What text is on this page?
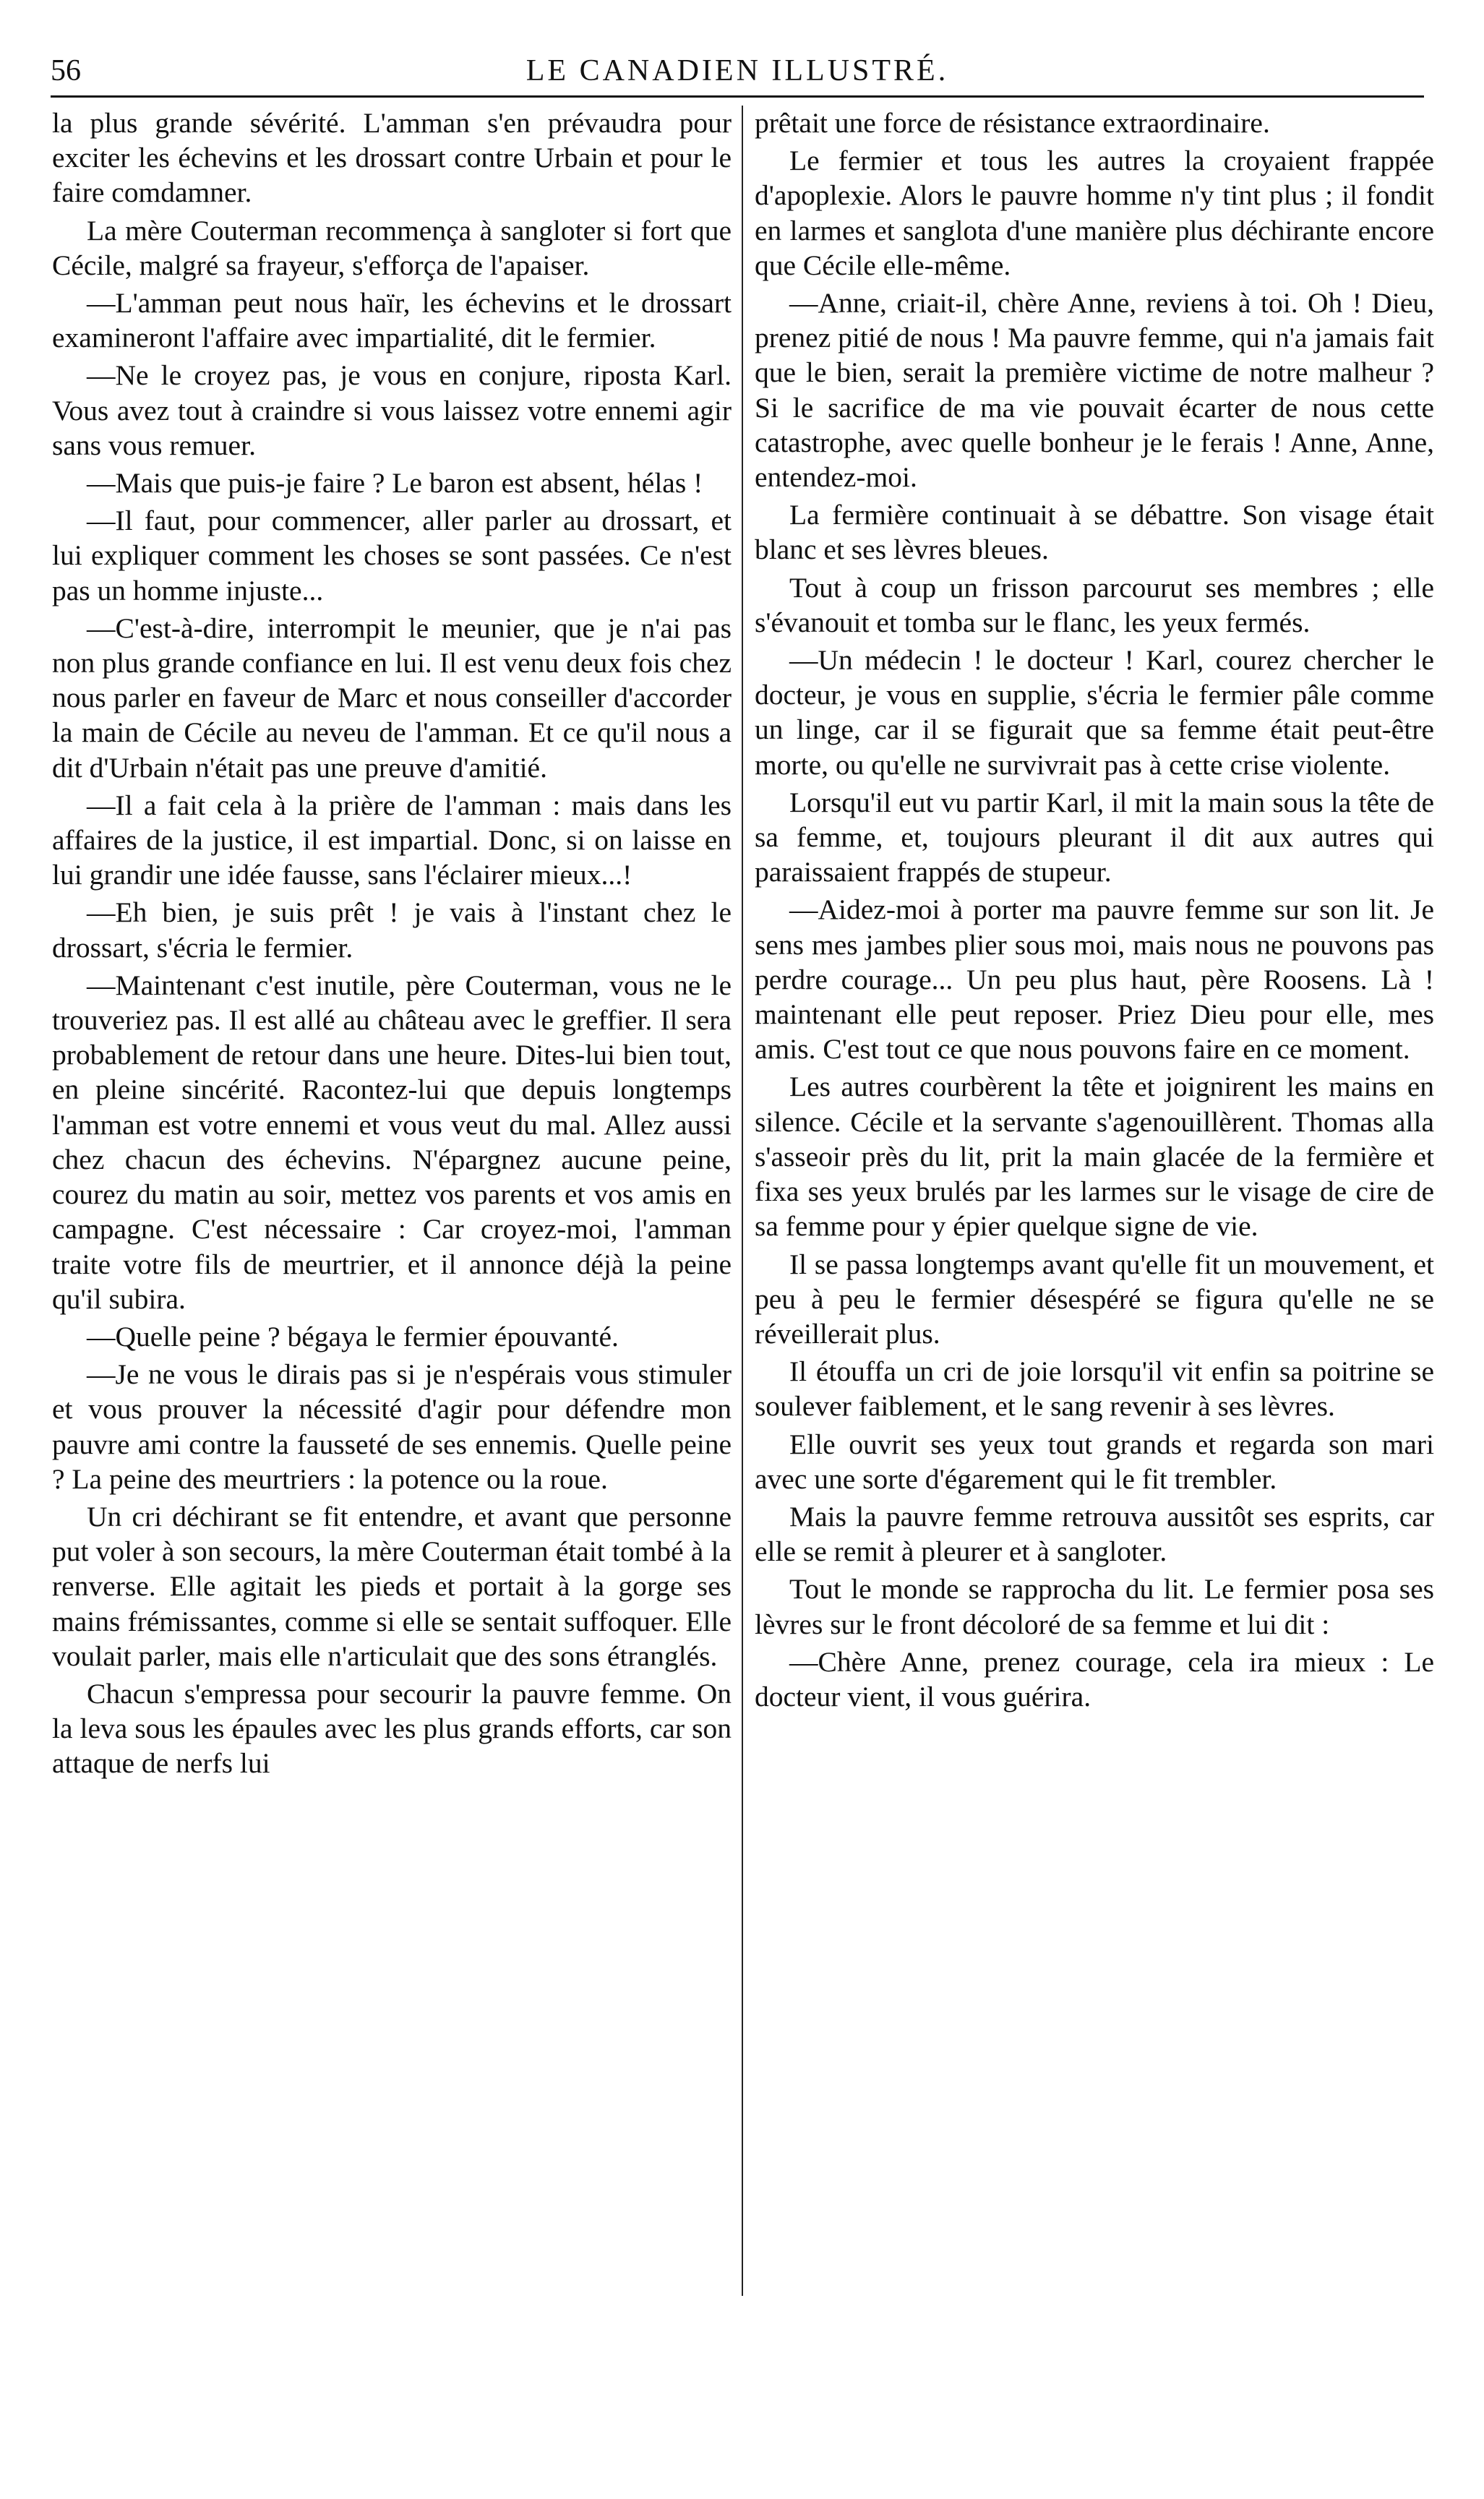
56	LE CANADIEN ILLUSTRÉ.

la plus grande sévérité. L'amman s'en prévaudra pour exciter les échevins et les drossart contre Urbain et pour le faire comdamner.

La mère Couterman recommença à sangloter si fort que Cécile, malgré sa frayeur, s'efforça de l'apaiser.

—L'amman peut nous haïr, les échevins et le drossart examineront l'affaire avec impartialité, dit le fermier.

—Ne le croyez pas, je vous en conjure, riposta Karl. Vous avez tout à craindre si vous laissez votre ennemi agir sans vous remuer.

—Mais que puis-je faire ? Le baron est absent, hélas !

—Il faut, pour commencer, aller parler au drossart, et lui expliquer comment les choses se sont passées. Ce n'est pas un homme injuste...

—C'est-à-dire, interrompit le meunier, que je n'ai pas non plus grande confiance en lui. Il est venu deux fois chez nous parler en faveur de Marc et nous conseiller d'accorder la main de Cécile au neveu de l'amman. Et ce qu'il nous a dit d'Urbain n'était pas une preuve d'amitié.

—Il a fait cela à la prière de l'amman : mais dans les affaires de la justice, il est impartial. Donc, si on laisse en lui grandir une idée fausse, sans l'éclairer mieux...!

—Eh bien, je suis prêt ! je vais à l'instant chez le drossart, s'écria le fermier.

—Maintenant c'est inutile, père Couterman, vous ne le trouveriez pas. Il est allé au château avec le greffier. Il sera probablement de retour dans une heure. Dites-lui bien tout, en pleine sincérité. Racontez-lui que depuis longtemps l'amman est votre ennemi et vous veut du mal. Allez aussi chez chacun des échevins. N'épargnez aucune peine, courez du matin au soir, mettez vos parents et vos amis en campagne. C'est nécessaire : Car croyez-moi, l'amman traite votre fils de meurtrier, et il annonce déjà la peine qu'il subira.

—Quelle peine ? bégaya le fermier épouvanté.

—Je ne vous le dirais pas si je n'espérais vous stimuler et vous prouver la nécessité d'agir pour défendre mon pauvre ami contre la fausseté de ses ennemis. Quelle peine ? La peine des meurtriers : la potence ou la roue.

Un cri déchirant se fit entendre, et avant que personne put voler à son secours, la mère Couterman était tombé à la renverse. Elle agitait les pieds et portait à la gorge ses mains frémissantes, comme si elle se sentait suffoquer. Elle voulait parler, mais elle n'articulait que des sons étranglés.

Chacun s'empressa pour secourir la pauvre femme. On la leva sous les épaules avec les plus grands efforts, car son attaque de nerfs lui

prêtait une force de résistance extraordinaire.

Le fermier et tous les autres la croyaient frappée d'apoplexie. Alors le pauvre homme n'y tint plus ; il fondit en larmes et sanglota d'une manière plus déchirante encore que Cécile elle-même.

—Anne, criait-il, chère Anne, reviens à toi. Oh ! Dieu, prenez pitié de nous ! Ma pauvre femme, qui n'a jamais fait que le bien, serait la première victime de notre malheur ? Si le sacrifice de ma vie pouvait écarter de nous cette catastrophe, avec quelle bonheur je le ferais ! Anne, Anne, entendez-moi.

La fermière continuait à se débattre. Son visage était blanc et ses lèvres bleues.

Tout à coup un frisson parcourut ses membres ; elle s'évanouit et tomba sur le flanc, les yeux fermés.

—Un médecin ! le docteur ! Karl, courez chercher le docteur, je vous en supplie, s'écria le fermier pâle comme un linge, car il se figurait que sa femme était peut-être morte, ou qu'elle ne survivrait pas à cette crise violente.

Lorsqu'il eut vu partir Karl, il mit la main sous la tête de sa femme, et, toujours pleurant il dit aux autres qui paraissaient frappés de stupeur.

—Aidez-moi à porter ma pauvre femme sur son lit. Je sens mes jambes plier sous moi, mais nous ne pouvons pas perdre courage... Un peu plus haut, père Roosens. Là ! maintenant elle peut reposer. Priez Dieu pour elle, mes amis. C'est tout ce que nous pouvons faire en ce moment.

Les autres courbèrent la tête et joignirent les mains en silence. Cécile et la servante s'agenouillèrent. Thomas alla s'asseoir près du lit, prit la main glacée de la fermière et fixa ses yeux brulés par les larmes sur le visage de cire de sa femme pour y épier quelque signe de vie.

Il se passa longtemps avant qu'elle fit un mouvement, et peu à peu le fermier désespéré se figura qu'elle ne se réveillerait plus.

Il étouffa un cri de joie lorsqu'il vit enfin sa poitrine se soulever faiblement, et le sang revenir à ses lèvres.

Elle ouvrit ses yeux tout grands et regarda son mari avec une sorte d'égarement qui le fit trembler.

Mais la pauvre femme retrouva aussitôt ses esprits, car elle se remit à pleurer et à sangloter.

Tout le monde se rapprocha du lit. Le fermier posa ses lèvres sur le front décoloré de sa femme et lui dit :

—Chère Anne, prenez courage, cela ira mieux : Le docteur vient, il vous guérira.
